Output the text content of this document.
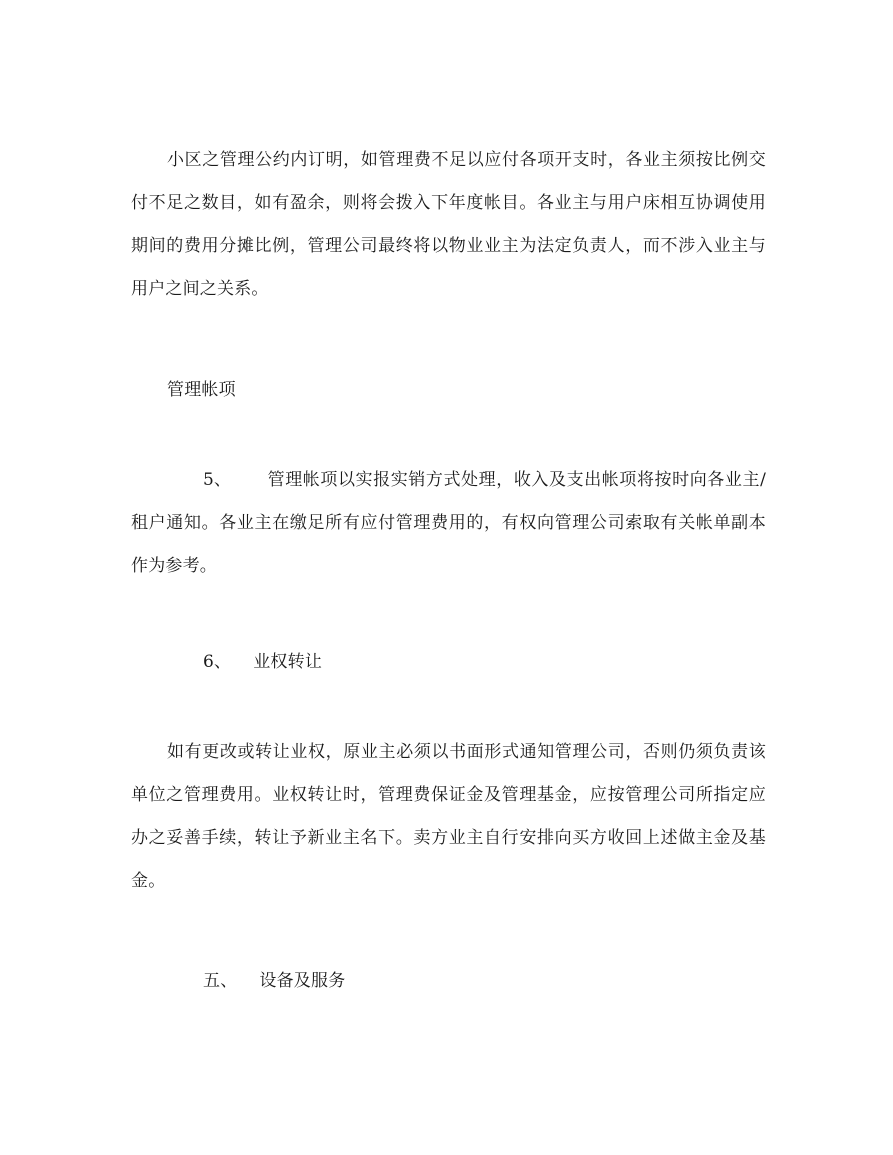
小区之管理公约内订明，如管理费不足以应付各项开支时，各业主须按比例交付不足之数目，如有盈余，则将会拨入下年度帐目。各业主与用户床相互协调使用期间的费用分摊比例，管理公司最终将以物业业主为法定负责人，而不涉入业主与用户之间之关系。

管理帐项

5、 管理帐项以实报实销方式处理，收入及支出帐项将按时向各业主/租户通知。各业主在缴足所有应付管理费用的，有权向管理公司索取有关帐单副本作为参考。

6、 业权转让

如有更改或转让业权，原业主必须以书面形式通知管理公司，否则仍须负责该单位之管理费用。业权转让时，管理费保证金及管理基金，应按管理公司所指定应办之妥善手续，转让予新业主名下。卖方业主自行安排向买方收回上述做主金及基金。

五、 设备及服务
